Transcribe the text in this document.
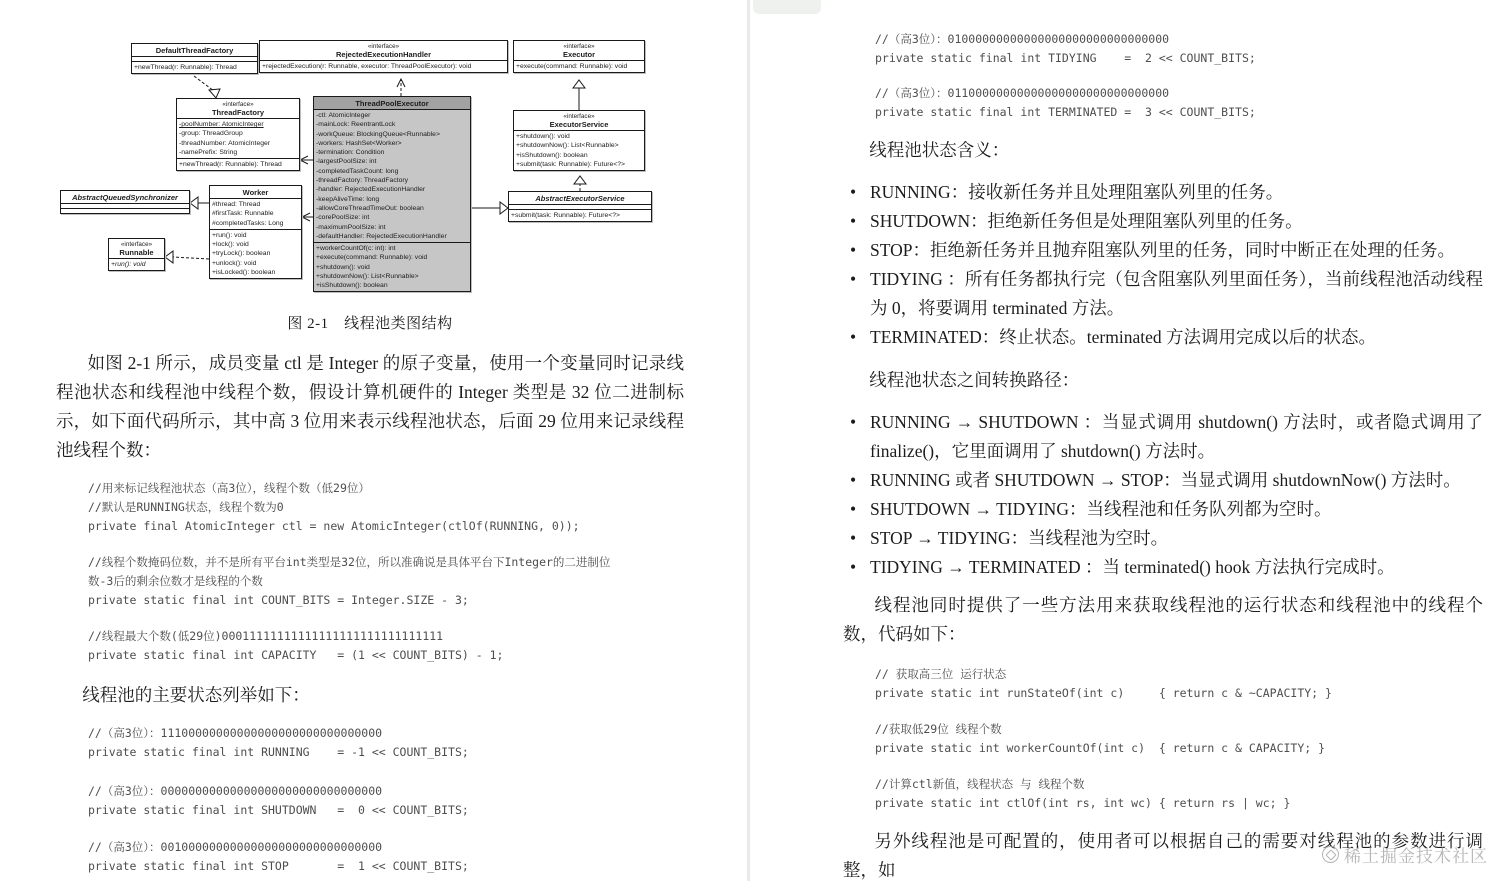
DefaultThreadFactory
+newThread(r: Runnable): Thread
«interface»
RejectedExecutionHandler
+rejectedExecution(r: Runnable, executor: ThreadPoolExecutor): void
«interface»
Executor
+execute(command: Runnable): void
«interface»
ThreadFactory
-poolNumber: AtomicInteger
-group: ThreadGroup
-threadNumber: AtomicInteger
-namePrefix: String
+newThread(r: Runnable): Thread
ThreadPoolExecutor
-ctl: AtomicInteger
-mainLock: ReentrantLock
-workQueue: BlockingQueue<Runnable>
-workers: HashSet<Worker>
-termination: Condition
-largestPoolSize: int
-completedTaskCount: long
-threadFactory: ThreadFactory
-handler: RejectedExecutionHandler
-keepAliveTime: long
-allowCoreThreadTimeOut: boolean
-corePoolSize: int
-maximumPoolSize: int
-defaultHandler: RejectedExecutionHandler
+workerCountOf(c: int): int
+execute(command: Runnable): void
+shutdown(): void
+shutdownNow(): List<Runnable>
+isShutdown(): boolean
«interface»
ExecutorService
+shutdown(): void
+shutdownNow(): List<Runnable>
+isShutdown(): boolean
+submit(task: Runnable): Future<?>
AbstractExecutorService
+submit(task: Runnable): Future<?>
AbstractQueuedSynchronizer
Worker
#thread: Thread
#firstTask: Runnable
#completedTasks: Long
+run(): void
+lock(): void
+tryLock(): boolean
+unlock(): void
+isLocked(): boolean
«interface»
Runnable
+run(): void
图 2-1　线程池类图结构
如图 2-1 所示，成员变量 ctl 是 Integer 的原子变量，使用一个变量同时记录线程池状态和线程池中线程个数，假设计算机硬件的 Integer 类型是 32 位二进制标示，如下面代码所示，其中高 3 位用来表示线程池状态，后面 29 位用来记录线程池线程个数：
//用来标记线程池状态（高3位），线程个数（低29位）
//默认是RUNNING状态，线程个数为0
private final AtomicInteger ctl = new AtomicInteger(ctlOf(RUNNING, 0));
//线程个数掩码位数，并不是所有平台int类型是32位，所以准确说是具体平台下Integer的二进制位
数-3后的剩余位数才是线程的个数
private static final int COUNT_BITS = Integer.SIZE - 3;
//线程最大个数(低29位)00011111111111111111111111111111
private static final int CAPACITY   = (1 << COUNT_BITS) - 1;
线程池的主要状态列举如下：
//（高3位）：11100000000000000000000000000000
private static final int RUNNING    = -1 << COUNT_BITS;
//（高3位）：00000000000000000000000000000000
private static final int SHUTDOWN   =  0 << COUNT_BITS;
//（高3位）：00100000000000000000000000000000
private static final int STOP       =  1 << COUNT_BITS;
//（高3位）：01000000000000000000000000000000
private static final int TIDYING    =  2 << COUNT_BITS;
//（高3位）：01100000000000000000000000000000
private static final int TERMINATED =  3 << COUNT_BITS;
线程池状态含义：
• RUNNING：接收新任务并且处理阻塞队列里的任务。
• SHUTDOWN：拒绝新任务但是处理阻塞队列里的任务。
• STOP：拒绝新任务并且抛弃阻塞队列里的任务，同时中断正在处理的任务。
• TIDYING ：所有任务都执行完（包含阻塞队列里面任务），当前线程池活动线程为 0，将要调用 terminated 方法。
• TERMINATED：终止状态。terminated 方法调用完成以后的状态。
线程池状态之间转换路径：
• RUNNING → SHUTDOWN ：当显式调用 shutdown() 方法时，或者隐式调用了 finalize()，它里面调用了 shutdown() 方法时。
• RUNNING 或者 SHUTDOWN → STOP：当显式调用 shutdownNow() 方法时。
• SHUTDOWN → TIDYING：当线程池和任务队列都为空时。
• STOP → TIDYING：当线程池为空时。
• TIDYING → TERMINATED ：当 terminated() hook 方法执行完成时。
线程池同时提供了一些方法用来获取线程池的运行状态和线程池中的线程个数，代码如下：
// 获取高三位 运行状态
private static int runStateOf(int c)     { return c & ~CAPACITY; }
//获取低29位 线程个数
private static int workerCountOf(int c)  { return c & CAPACITY; }
//计算ctl新值，线程状态 与 线程个数
private static int ctlOf(int rs, int wc) { return rs | wc; }
另外线程池是可配置的，使用者可以根据自己的需要对线程池的参数进行调整，如
稀土掘金技术社区
